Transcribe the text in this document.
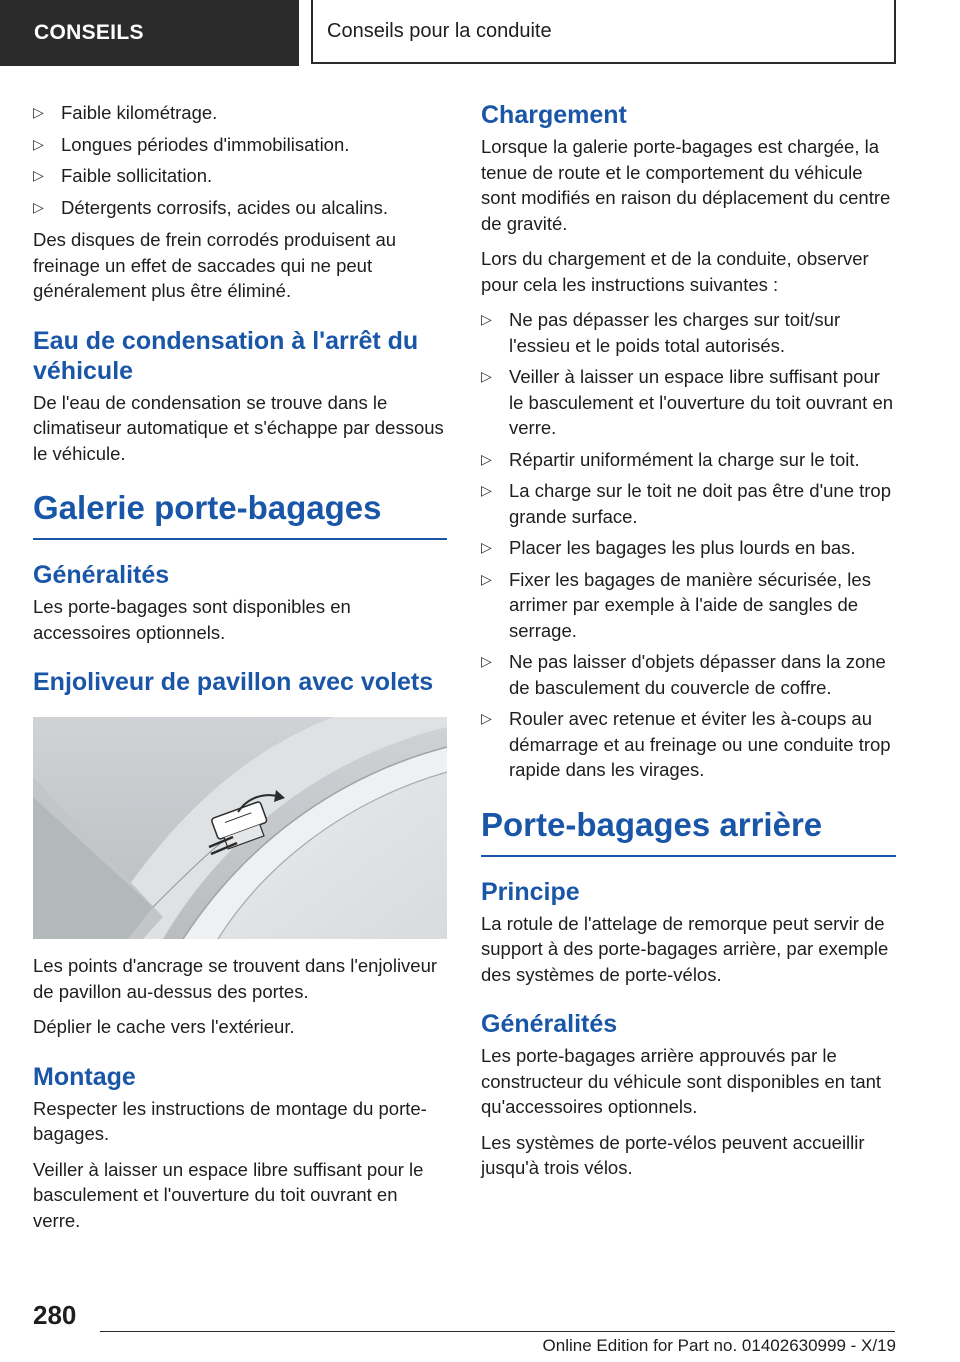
CONSEILS	Conseils pour la conduite
▷ Faible kilométrage.
▷ Longues périodes d'immobilisation.
▷ Faible sollicitation.
▷ Détergents corrosifs, acides ou alcalins.

Des disques de frein corrodés produisent au freinage un effet de saccades qui ne peut généralement plus être éliminé.

Eau de condensation à l'arrêt du véhicule

De l'eau de condensation se trouve dans le climatiseur automatique et s'échappe par dessous le véhicule.

Galerie porte-bagages
Généralités

Les porte-bagages sont disponibles en accessoires optionnels.

Enjoliveur de pavillon avec volets

Les points d'ancrage se trouvent dans l'enjoliveur de pavillon au-dessus des portes.

Déplier le cache vers l'extérieur.

Montage

Respecter les instructions de montage du porte-bagages.

Veiller à laisser un espace libre suffisant pour le basculement et l'ouverture du toit ouvrant en verre.

Chargement

Lorsque la galerie porte-bagages est chargée, la tenue de route et le comportement du véhicule sont modifiés en raison du déplacement du centre de gravité.

Lors du chargement et de la conduite, observer pour cela les instructions suivantes :

▷ Ne pas dépasser les charges sur toit/sur l'essieu et le poids total autorisés.
▷ Veiller à laisser un espace libre suffisant pour le basculement et l'ouverture du toit ouvrant en verre.
▷ Répartir uniformément la charge sur le toit.
▷ La charge sur le toit ne doit pas être d'une trop grande surface.
▷ Placer les bagages les plus lourds en bas.
▷ Fixer les bagages de manière sécurisée, les arrimer par exemple à l'aide de sangles de serrage.
▷ Ne pas laisser d'objets dépasser dans la zone de basculement du couvercle de coffre.
▷ Rouler avec retenue et éviter les à-coups au démarrage et au freinage ou une conduite trop rapide dans les virages.
Porte-bagages arrière
Principe

La rotule de l'attelage de remorque peut servir de support à des porte-bagages arrière, par exemple des systèmes de porte-vélos.

Généralités

Les porte-bagages arrière approuvés par le constructeur du véhicule sont disponibles en tant qu'accessoires optionnels.

Les systèmes de porte-vélos peuvent accueillir jusqu'à trois vélos.

280
Online Edition for Part no. 01402630999 - X/19
